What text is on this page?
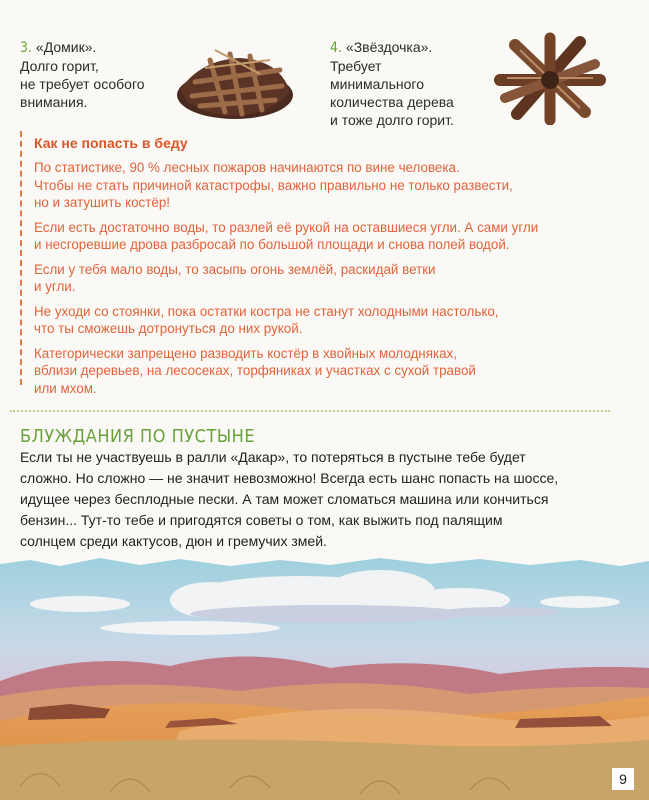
3. «Домик».
Долго горит,
не требует особого
внимания.
4. «Звёздочка».
Требует
минимального
количества дерева
и тоже долго горит.
Как не попасть в беду

По статистике, 90 % лесных пожаров начинаются по вине человека.
Чтобы не стать причиной катастрофы, важно правильно не только развести,
но и затушить костёр!

Если есть достаточно воды, то разлей её рукой на оставшиеся угли. А сами угли
и несгоревшие дрова разбросай по большой площади и снова полей водой.

Если у тебя мало воды, то засыпь огонь землёй, раскидай ветки
и угли.

Не уходи со стоянки, пока остатки костра не станут холодными настолько,
что ты сможешь дотронуться до них рукой.

Категорически запрещено разводить костёр в хвойных молодняках,
вблизи деревьев, на лесосеках, торфяниках и участках с сухой травой
или мхом.

БЛУЖДАНИЯ ПО ПУСТЫНЕ
Если ты не участвуешь в ралли «Дакар», то потеряться в пустыне тебе будет
сложно. Но сложно — не значит невозможно! Всегда есть шанс попасть на шоссе,
идущее через бесплодные пески. А там может сломаться машина или кончиться
бензин... Тут-то тебе и пригодятся советы о том, как выжить под палящим
солнцем среди кактусов, дюн и гремучих змей.
9
